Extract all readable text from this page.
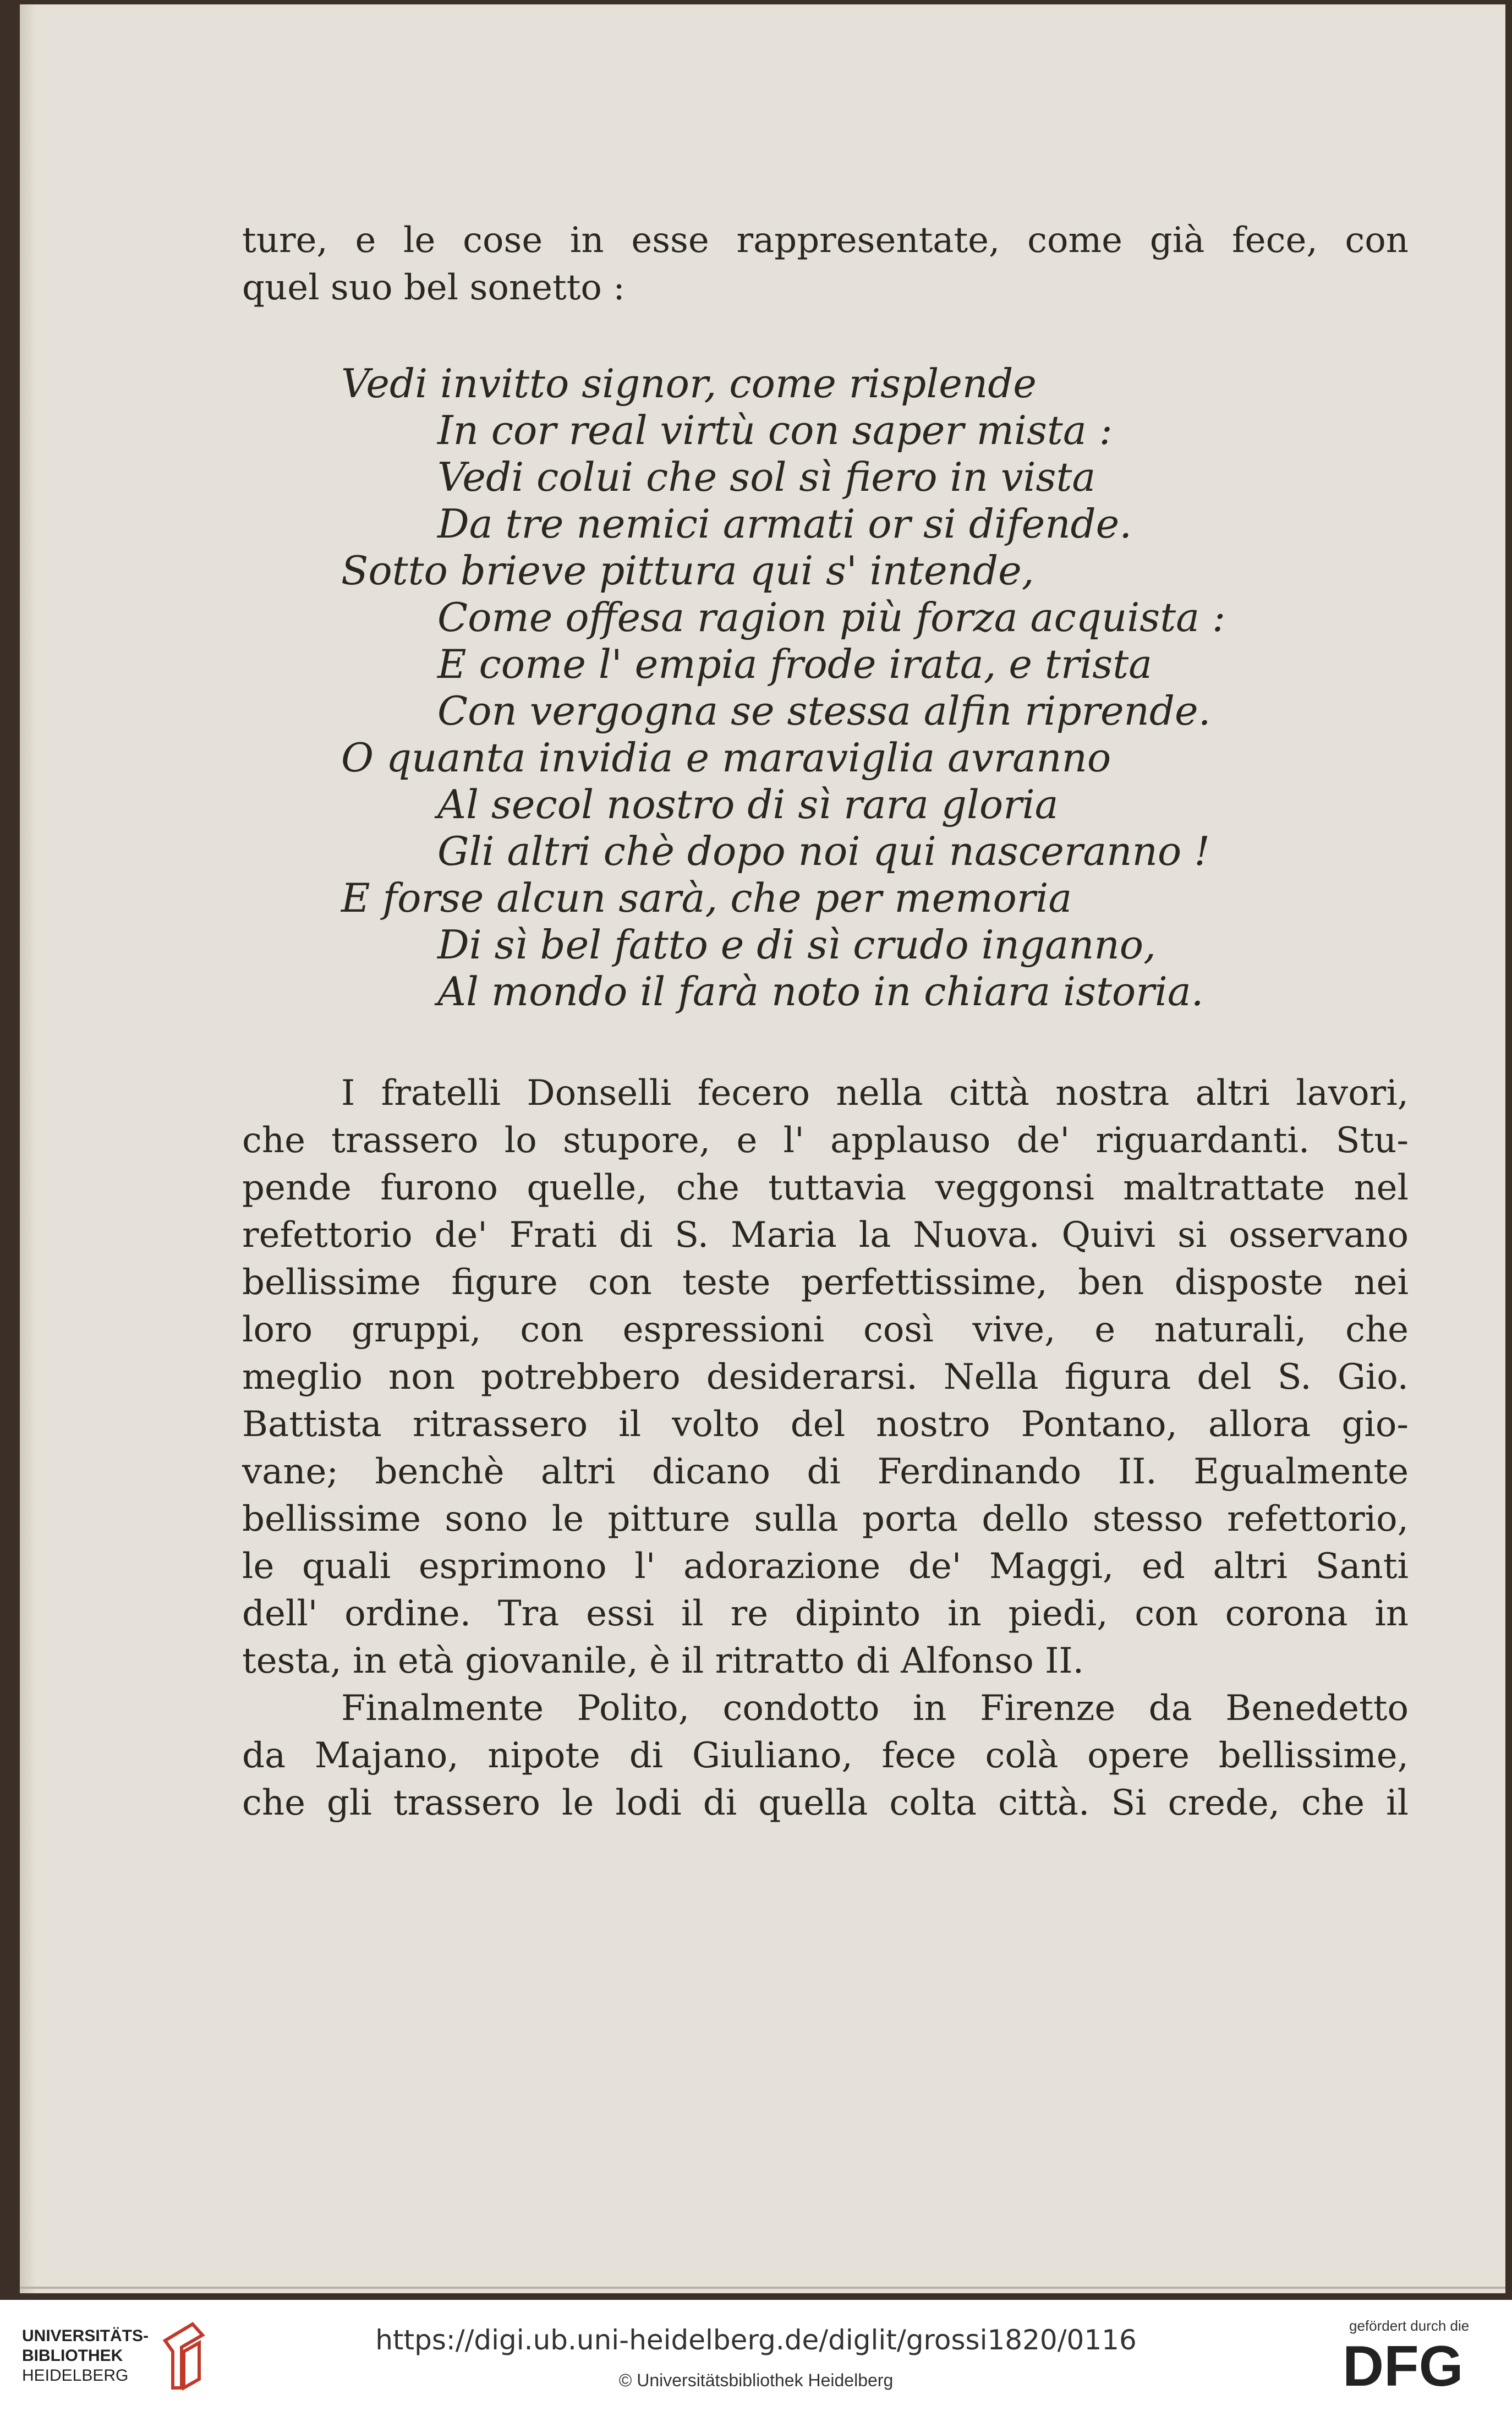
ture, e le cose in esse rappresentate, come già fece, con
quel suo bel sonetto :
Vedi invitto signor, come risplende
In cor real virtù con saper mista :
Vedi colui che sol sì fiero in vista
Da tre nemici armati or si difende.
Sotto brieve pittura qui s' intende,
Come offesa ragion più forza acquista :
E come l' empia frode irata, e trista
Con vergogna se stessa alfin riprende.
O quanta invidia e maraviglia avranno
Al secol nostro di sì rara gloria
Gli altri chè dopo noi qui nasceranno !
E forse alcun sarà, che per memoria
Di sì bel fatto e di sì crudo inganno,
Al mondo il farà noto in chiara istoria.
I fratelli Donselli fecero nella città nostra altri lavori,
che trassero lo stupore, e l' applauso de' riguardanti. Stu-
pende furono quelle, che tuttavia veggonsi maltrattate nel
refettorio de' Frati di S. Maria la Nuova. Quivi si osservano
bellissime figure con teste perfettissime, ben disposte nei
loro gruppi, con espressioni così vive, e naturali, che
meglio non potrebbero desiderarsi. Nella figura del S. Gio.
Battista ritrassero il volto del nostro Pontano, allora gio-
vane; benchè altri dicano di Ferdinando II. Egualmente
bellissime sono le pitture sulla porta dello stesso refettorio,
le quali esprimono l' adorazione de' Maggi, ed altri Santi
dell' ordine. Tra essi il re dipinto in piedi, con corona in
testa, in età giovanile, è il ritratto di Alfonso II.
Finalmente Polito, condotto in Firenze da Benedetto
da Majano, nipote di Giuliano, fece colà opere bellissime,
che gli trassero le lodi di quella colta città. Si crede, che il
UNIVERSITÄTS-
BIBLIOTHEK
HEIDELBERG
https://digi.ub.uni-heidelberg.de/diglit/grossi1820/0116
© Universitätsbibliothek Heidelberg
gefördert durch die
DFG
